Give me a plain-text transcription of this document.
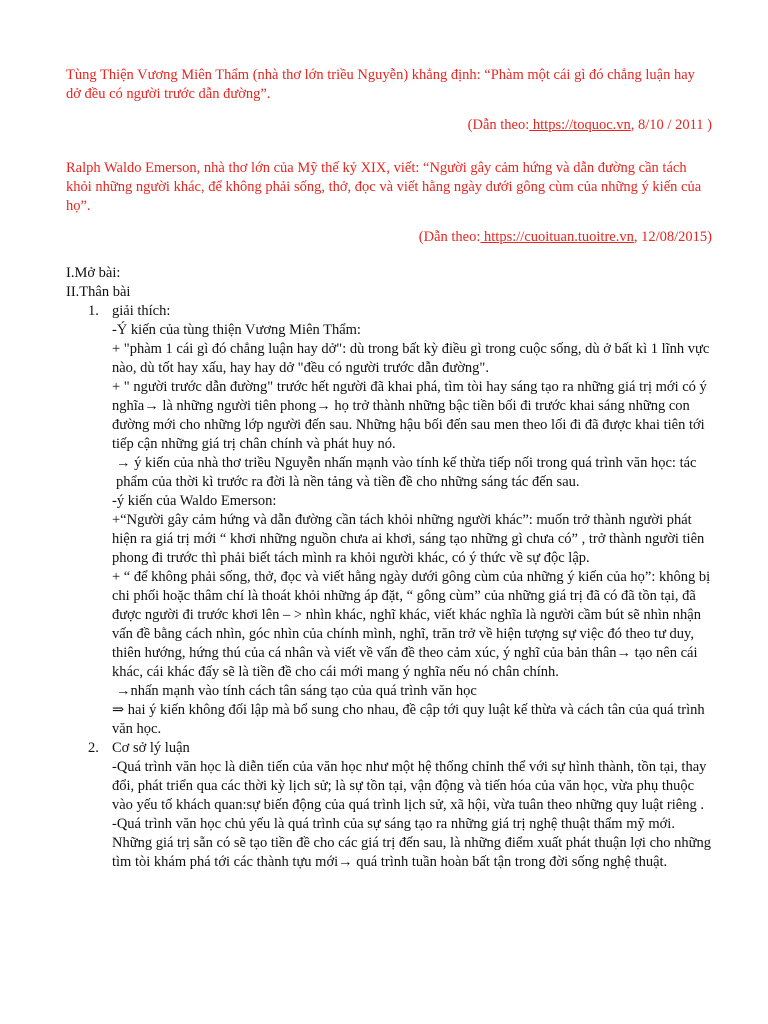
Tùng Thiện Vương Miên Thẩm (nhà thơ lớn triều Nguyễn) khẳng định: “Phàm một cái gì đó chẳng luận hay dở đều có người trước dẫn đường”.

(Dẫn theo: https://toquoc.vn, 8/10 / 2011 )

Ralph Waldo Emerson, nhà thơ lớn của Mỹ thế kỷ XIX, viết: “Người gây cảm hứng và dẫn đường cần tách khỏi những người khác, để không phải sống, thở, đọc và viết hằng ngày dưới gông cùm của những ý kiến của họ”.

(Dẫn theo: https://cuoituan.tuoitre.vn, 12/08/2015)

I.Mở bài:

II.Thân bài

1. giải thích:

-Ý kiến của tùng thiện Vương Miên Thẩm:

+ "phàm 1 cái gì đó chẳng luận hay dở": dù trong bất kỳ điều gì trong cuộc sống, dù ở bất kì 1 lĩnh vực nào, dù tốt hay xấu, hay hay dở "đều có người trước dẫn đường".

+ " người trước dẫn đường" trước hết người đã khai phá, tìm tòi hay sáng tạo ra những giá trị mới có ý nghĩa→ là những người tiên phong→ họ trở thành những bậc tiền bối đi trước khai sáng những con đường mới cho những lớp người đến sau. Những hậu bối đến sau men theo lối đi đã được khai tiên tới tiếp cận những giá trị chân chính và phát huy nó.

→ ý kiến của nhà thơ triều Nguyễn nhấn mạnh vào tính kế thừa tiếp nối trong quá trình văn học: tác phẩm của thời kì trước ra đời là nền tảng và tiền đề cho những sáng tác đến sau.

-ý kiến của Waldo Emerson:

+“Người gây cảm hứng và dẫn đường cần tách khỏi những người khác”: muốn trở thành người phát hiện ra giá trị mới “ khơi những nguồn chưa ai khơi, sáng tạo những gì chưa có” , trở thành người tiên phong đi trước thì phải biết tách mình ra khỏi người khác, có ý thức về sự độc lập.

+ “ để không phải sống, thở, đọc và viết hằng ngày dưới gông cùm của những ý kiến của họ”: không bị chi phối hoặc thâm chí là thoát khỏi những áp đặt, “ gông cùm” của những giá trị đã có đã tồn tại, đã được người đi trước khơi lên – > nhìn khác, nghĩ khác, viết khác nghĩa là người cầm bút sẽ nhìn nhận vấn đề bằng cách nhìn, góc nhìn của chính mình, nghĩ, trăn trở về hiện tượng sự việc đó theo tư duy, thiên hướng, hứng thú của cá nhân và viết về vấn đề theo cảm xúc, ý nghĩ của bản thân→ tạo nên cái khác, cái khác đấy sẽ là tiền đề cho cái mới mang ý nghĩa nếu nó chân chính.

→nhấn mạnh vào tính cách tân sáng tạo của quá trình văn học

⇒ hai ý kiến không đối lập mà bổ sung cho nhau, đề cập tới quy luật kế thừa và cách tân của quá trình văn học.

2. Cơ sở lý luận

-Quá trình văn học là diễn tiến của văn học như một hệ thống chỉnh thể với sự hình thành, tồn tại, thay đổi, phát triển qua các thời kỳ lịch sử; là sự tồn tại, vận động và tiến hóa của văn học, vừa phụ thuộc vào yếu tố khách quan:sự biến động của quá trình lịch sử, xã hội, vừa tuân theo những quy luật riêng .

-Quá trình văn học chủ yếu là quá trình của sự sáng tạo ra những giá trị nghệ thuật thẩm mỹ mới. Những giá trị sẵn có sẽ tạo tiền đề cho các giá trị đến sau, là những điểm xuất phát thuận lợi cho những tìm tòi khám phá tới các thành tựu mới→ quá trình tuần hoàn bất tận trong đời sống nghệ thuật.
